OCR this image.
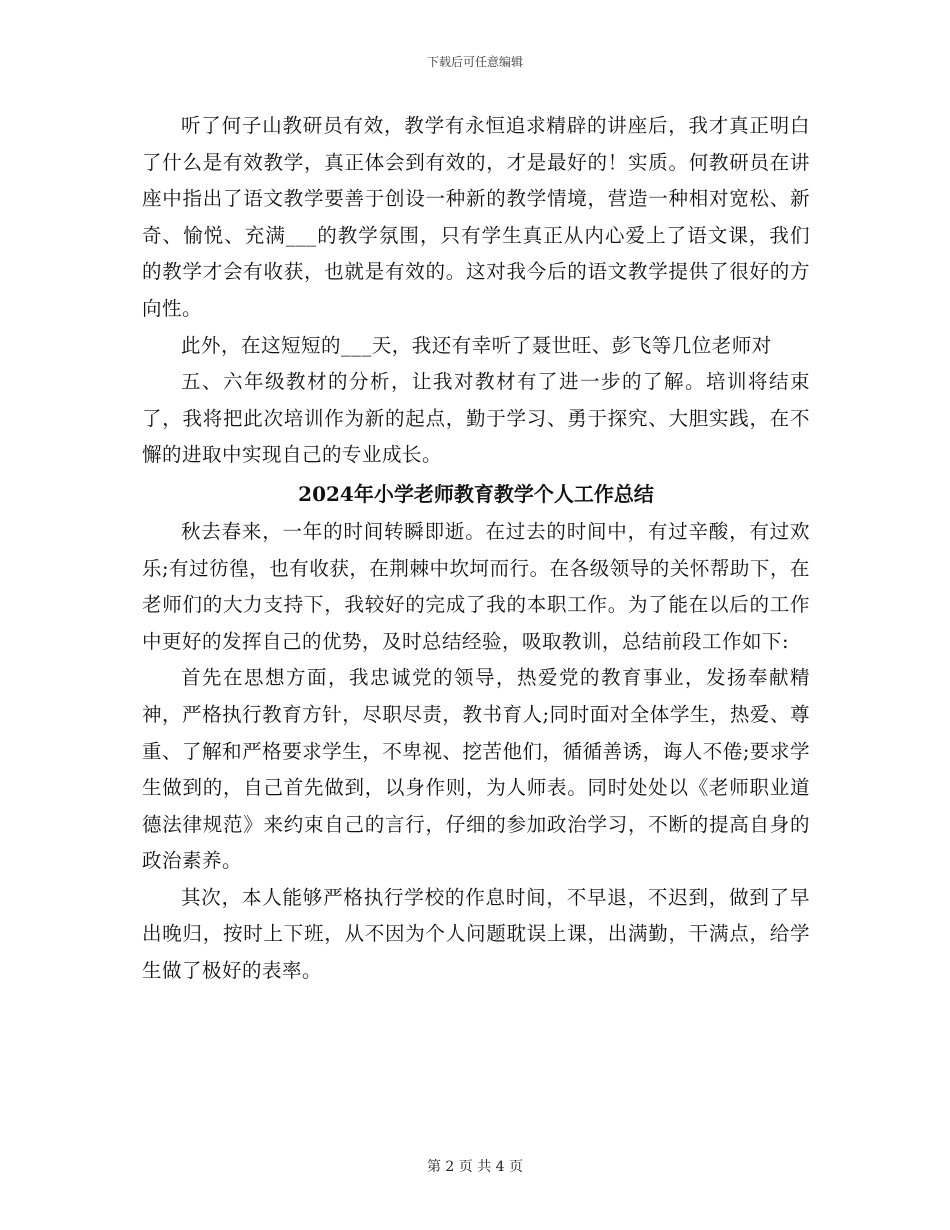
下载后可任意编辑

听了何子山教研员有效，教学有永恒追求精辟的讲座后，我才真正明白了什么是有效教学，真正体会到有效的，才是最好的！实质。何教研员在讲座中指出了语文教学要善于创设一种新的教学情境，营造一种相对宽松、新奇、愉悦、充满___的教学氛围，只有学生真正从内心爱上了语文课，我们的教学才会有收获，也就是有效的。这对我今后的语文教学提供了很好的方向性。

此外，在这短短的___天，我还有幸听了聂世旺、彭飞等几位老师对

五、六年级教材的分析，让我对教材有了进一步的了解。培训将结束了，我将把此次培训作为新的起点，勤于学习、勇于探究、大胆实践，在不懈的进取中实现自己的专业成长。

2024年小学老师教育教学个人工作总结

秋去春来，一年的时间转瞬即逝。在过去的时间中，有过辛酸，有过欢乐;有过彷徨，也有收获，在荆棘中坎坷而行。在各级领导的关怀帮助下，在老师们的大力支持下，我较好的完成了我的本职工作。为了能在以后的工作中更好的发挥自己的优势，及时总结经验，吸取教训，总结前段工作如下:

首先在思想方面，我忠诚党的领导，热爱党的教育事业，发扬奉献精神，严格执行教育方针，尽职尽责，教书育人;同时面对全体学生，热爱、尊重、了解和严格要求学生，不卑视、挖苦他们，循循善诱，诲人不倦;要求学生做到的，自己首先做到，以身作则，为人师表。同时处处以《老师职业道德法律规范》来约束自己的言行，仔细的参加政治学习，不断的提高自身的政治素养。

其次，本人能够严格执行学校的作息时间，不早退，不迟到，做到了早出晚归，按时上下班，从不因为个人问题耽误上课，出满勤，干满点，给学生做了极好的表率。

第 2 页 共 4 页
